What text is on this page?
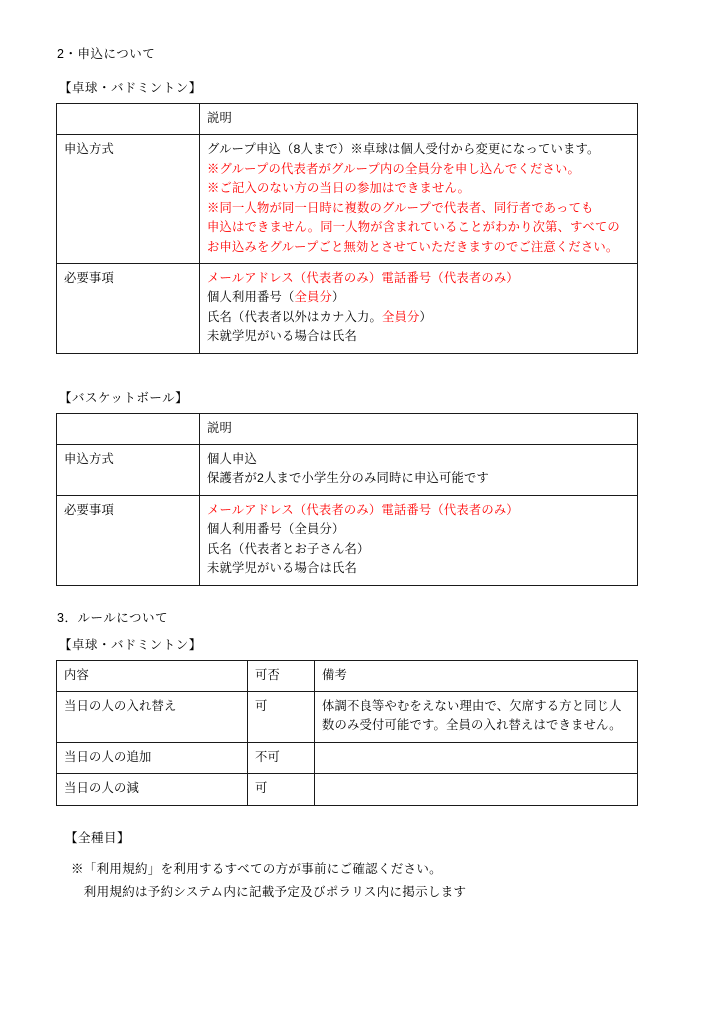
2・申込について
【卓球・バドミントン】
	説明
申込方式	グループ申込（8人まで）※卓球は個人受付から変更になっています。
※グループの代表者がグループ内の全員分を申し込んでください。
※ご記入のない方の当日の参加はできません。
※同一人物が同一日時に複数のグループで代表者、同行者であっても
申込はできません。同一人物が含まれていることがわかり次第、すべての
お申込みをグループごと無効とさせていただきますのでご注意ください。

必要事項	メールアドレス（代表者のみ）電話番号（代表者のみ）
個人利用番号（全員分）
氏名（代表者以外はカナ入力。全員分）
未就学児がいる場合は氏名
【バスケットボール】
	説明
申込方式	個人申込
保護者が2人まで小学生分のみ同時に申込可能です

必要事項	メールアドレス（代表者のみ）電話番号（代表者のみ）
個人利用番号（全員分）
氏名（代表者とお子さん名）
未就学児がいる場合は氏名
3．ルールについて
【卓球・バドミントン】
内容	可否	備考
当日の人の入れ替え	可	体調不良等やむをえない理由で、欠席する方と同じ人
数のみ受付可能です。全員の入れ替えはできません。

当日の人の追加	不可	
当日の人の減	可	
【全種目】
※「利用規約」を利用するすべての方が事前にご確認ください。
　利用規約は予約システム内に記載予定及びポラリス内に掲示します
